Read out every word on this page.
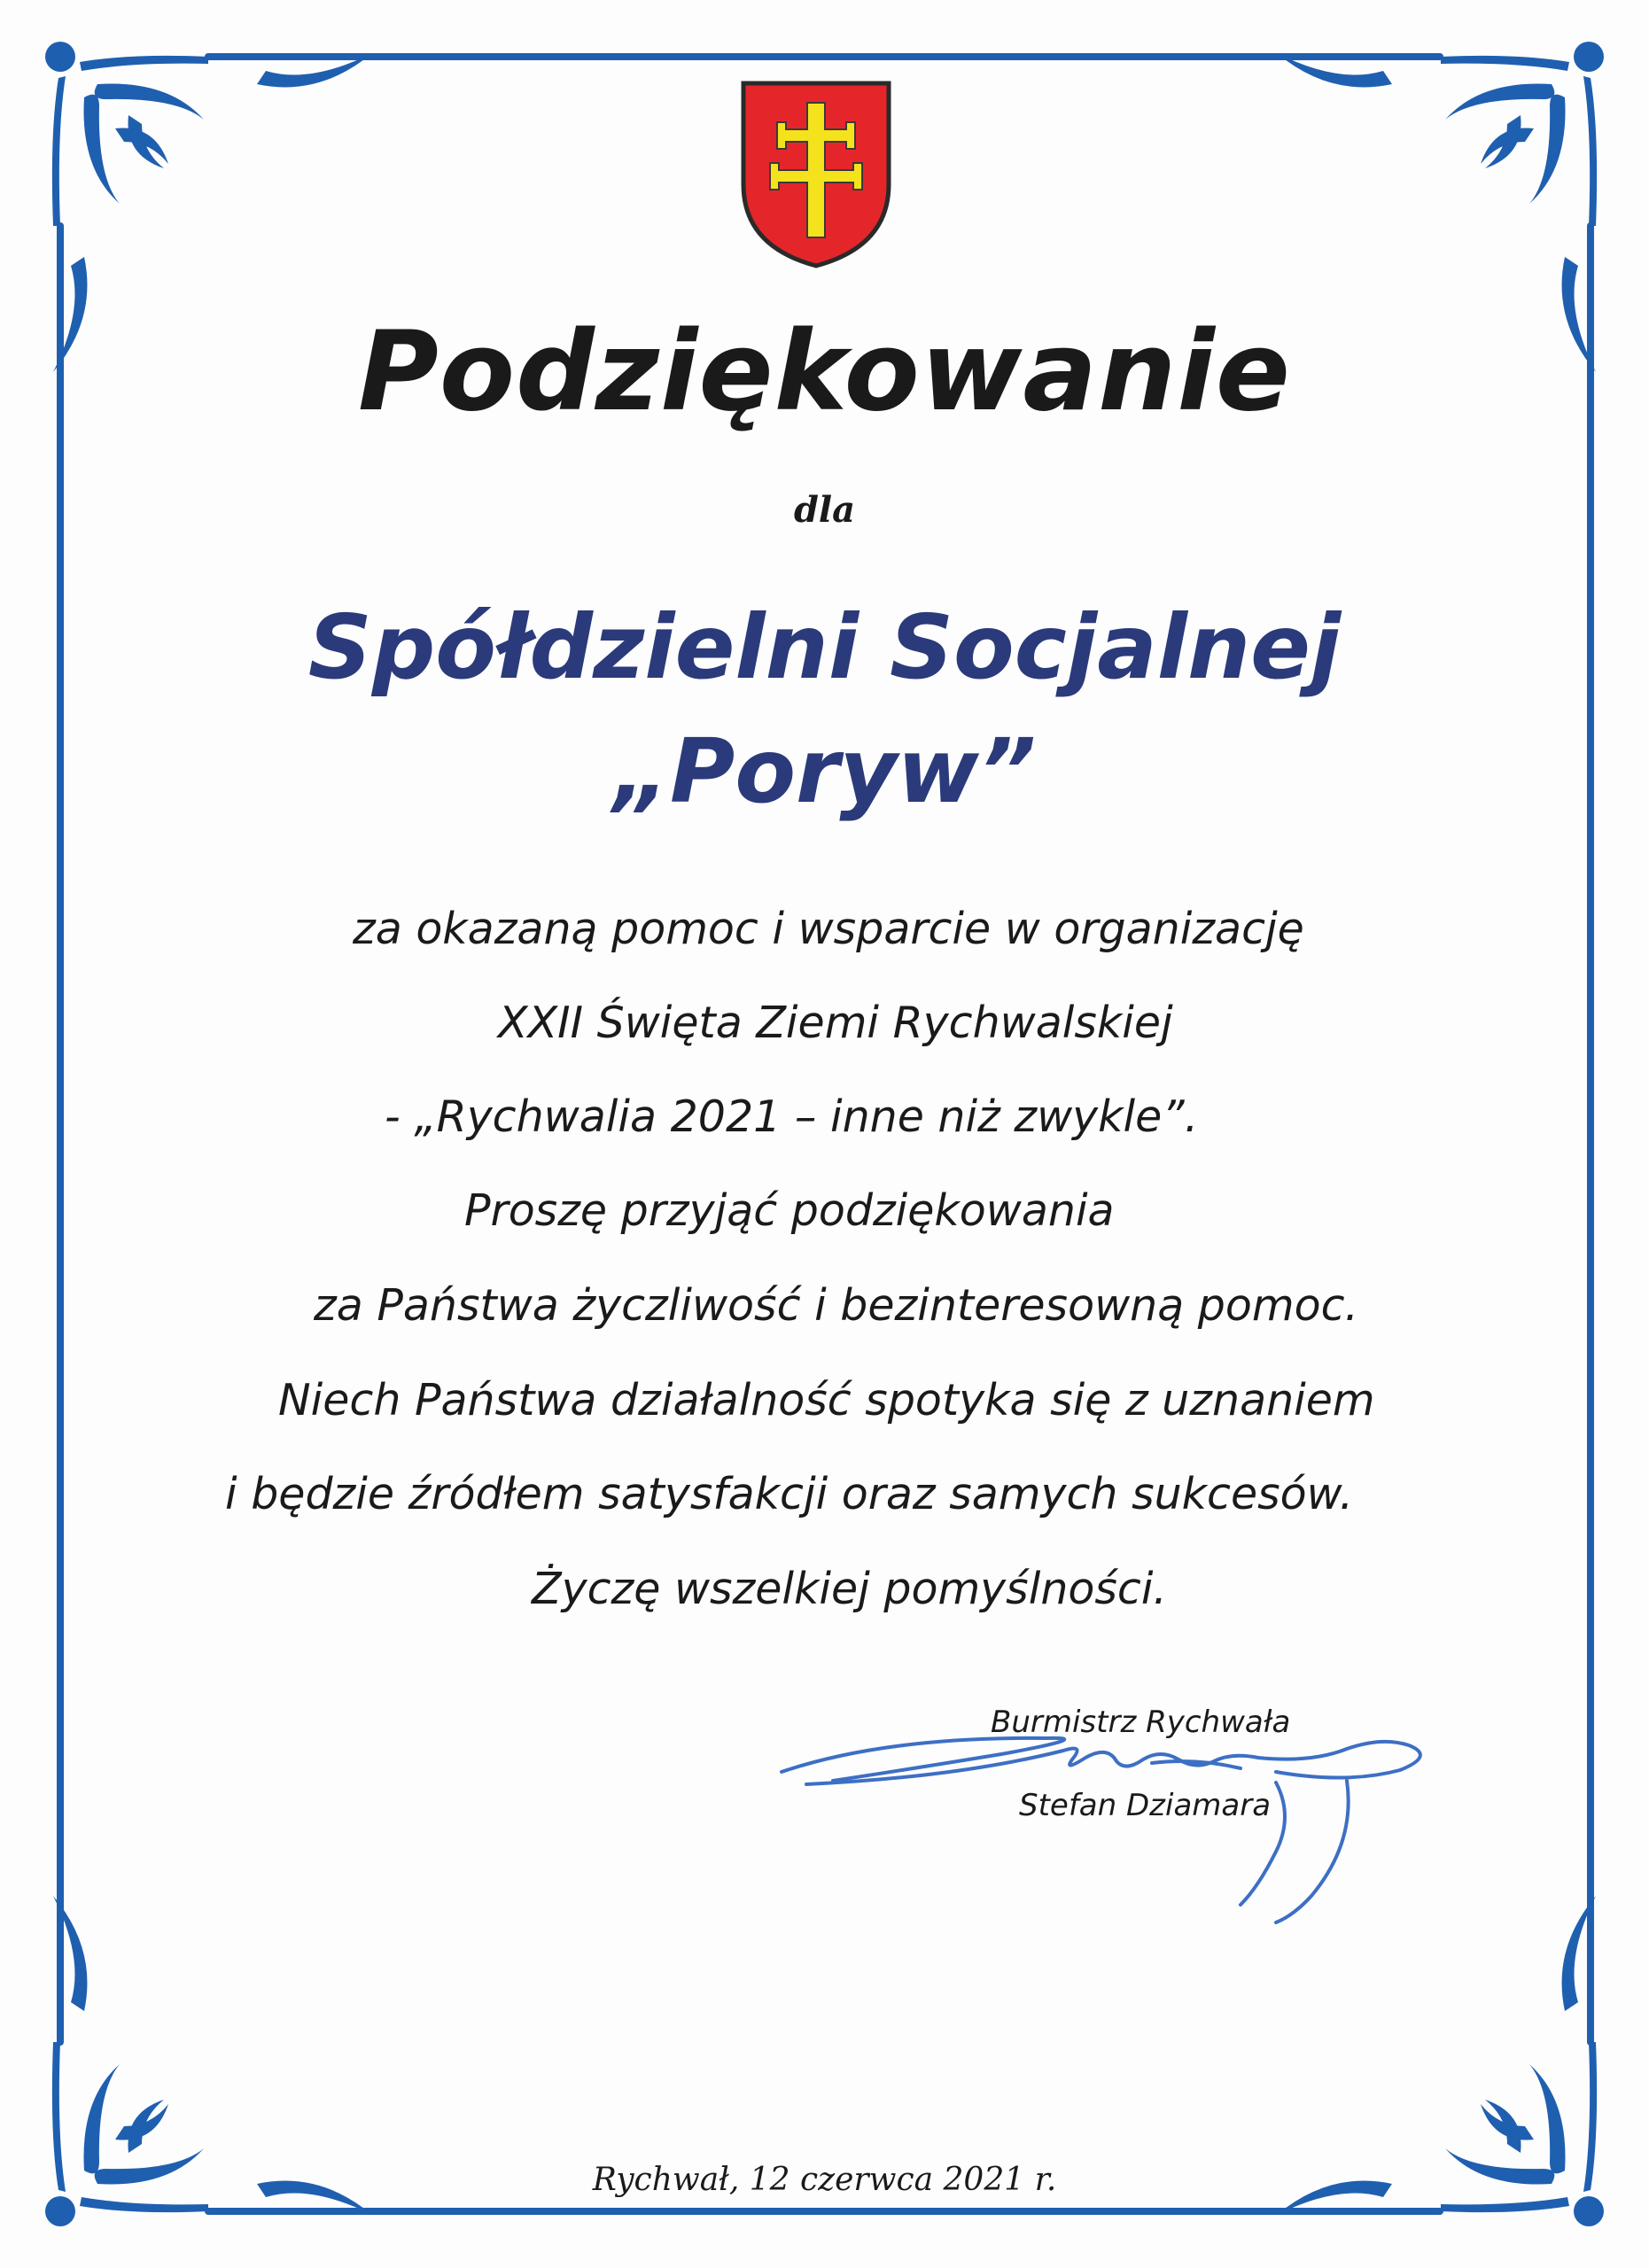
Podziękowanie
dla
Spółdzielni Socjalnej
„Poryw”
za okazaną pomoc i wsparcie w organizację
XXII Święta Ziemi Rychwalskiej
- „Rychwalia 2021 – inne niż zwykle”.
Proszę przyjąć podziękowania
za Państwa życzliwość i bezinteresowną pomoc.
Niech Państwa działalność spotyka się z uznaniem
i będzie źródłem satysfakcji oraz samych sukcesów.
Życzę wszelkiej pomyślności.
Burmistrz Rychwała
Stefan Dziamara
Rychwał, 12 czerwca 2021 r.
